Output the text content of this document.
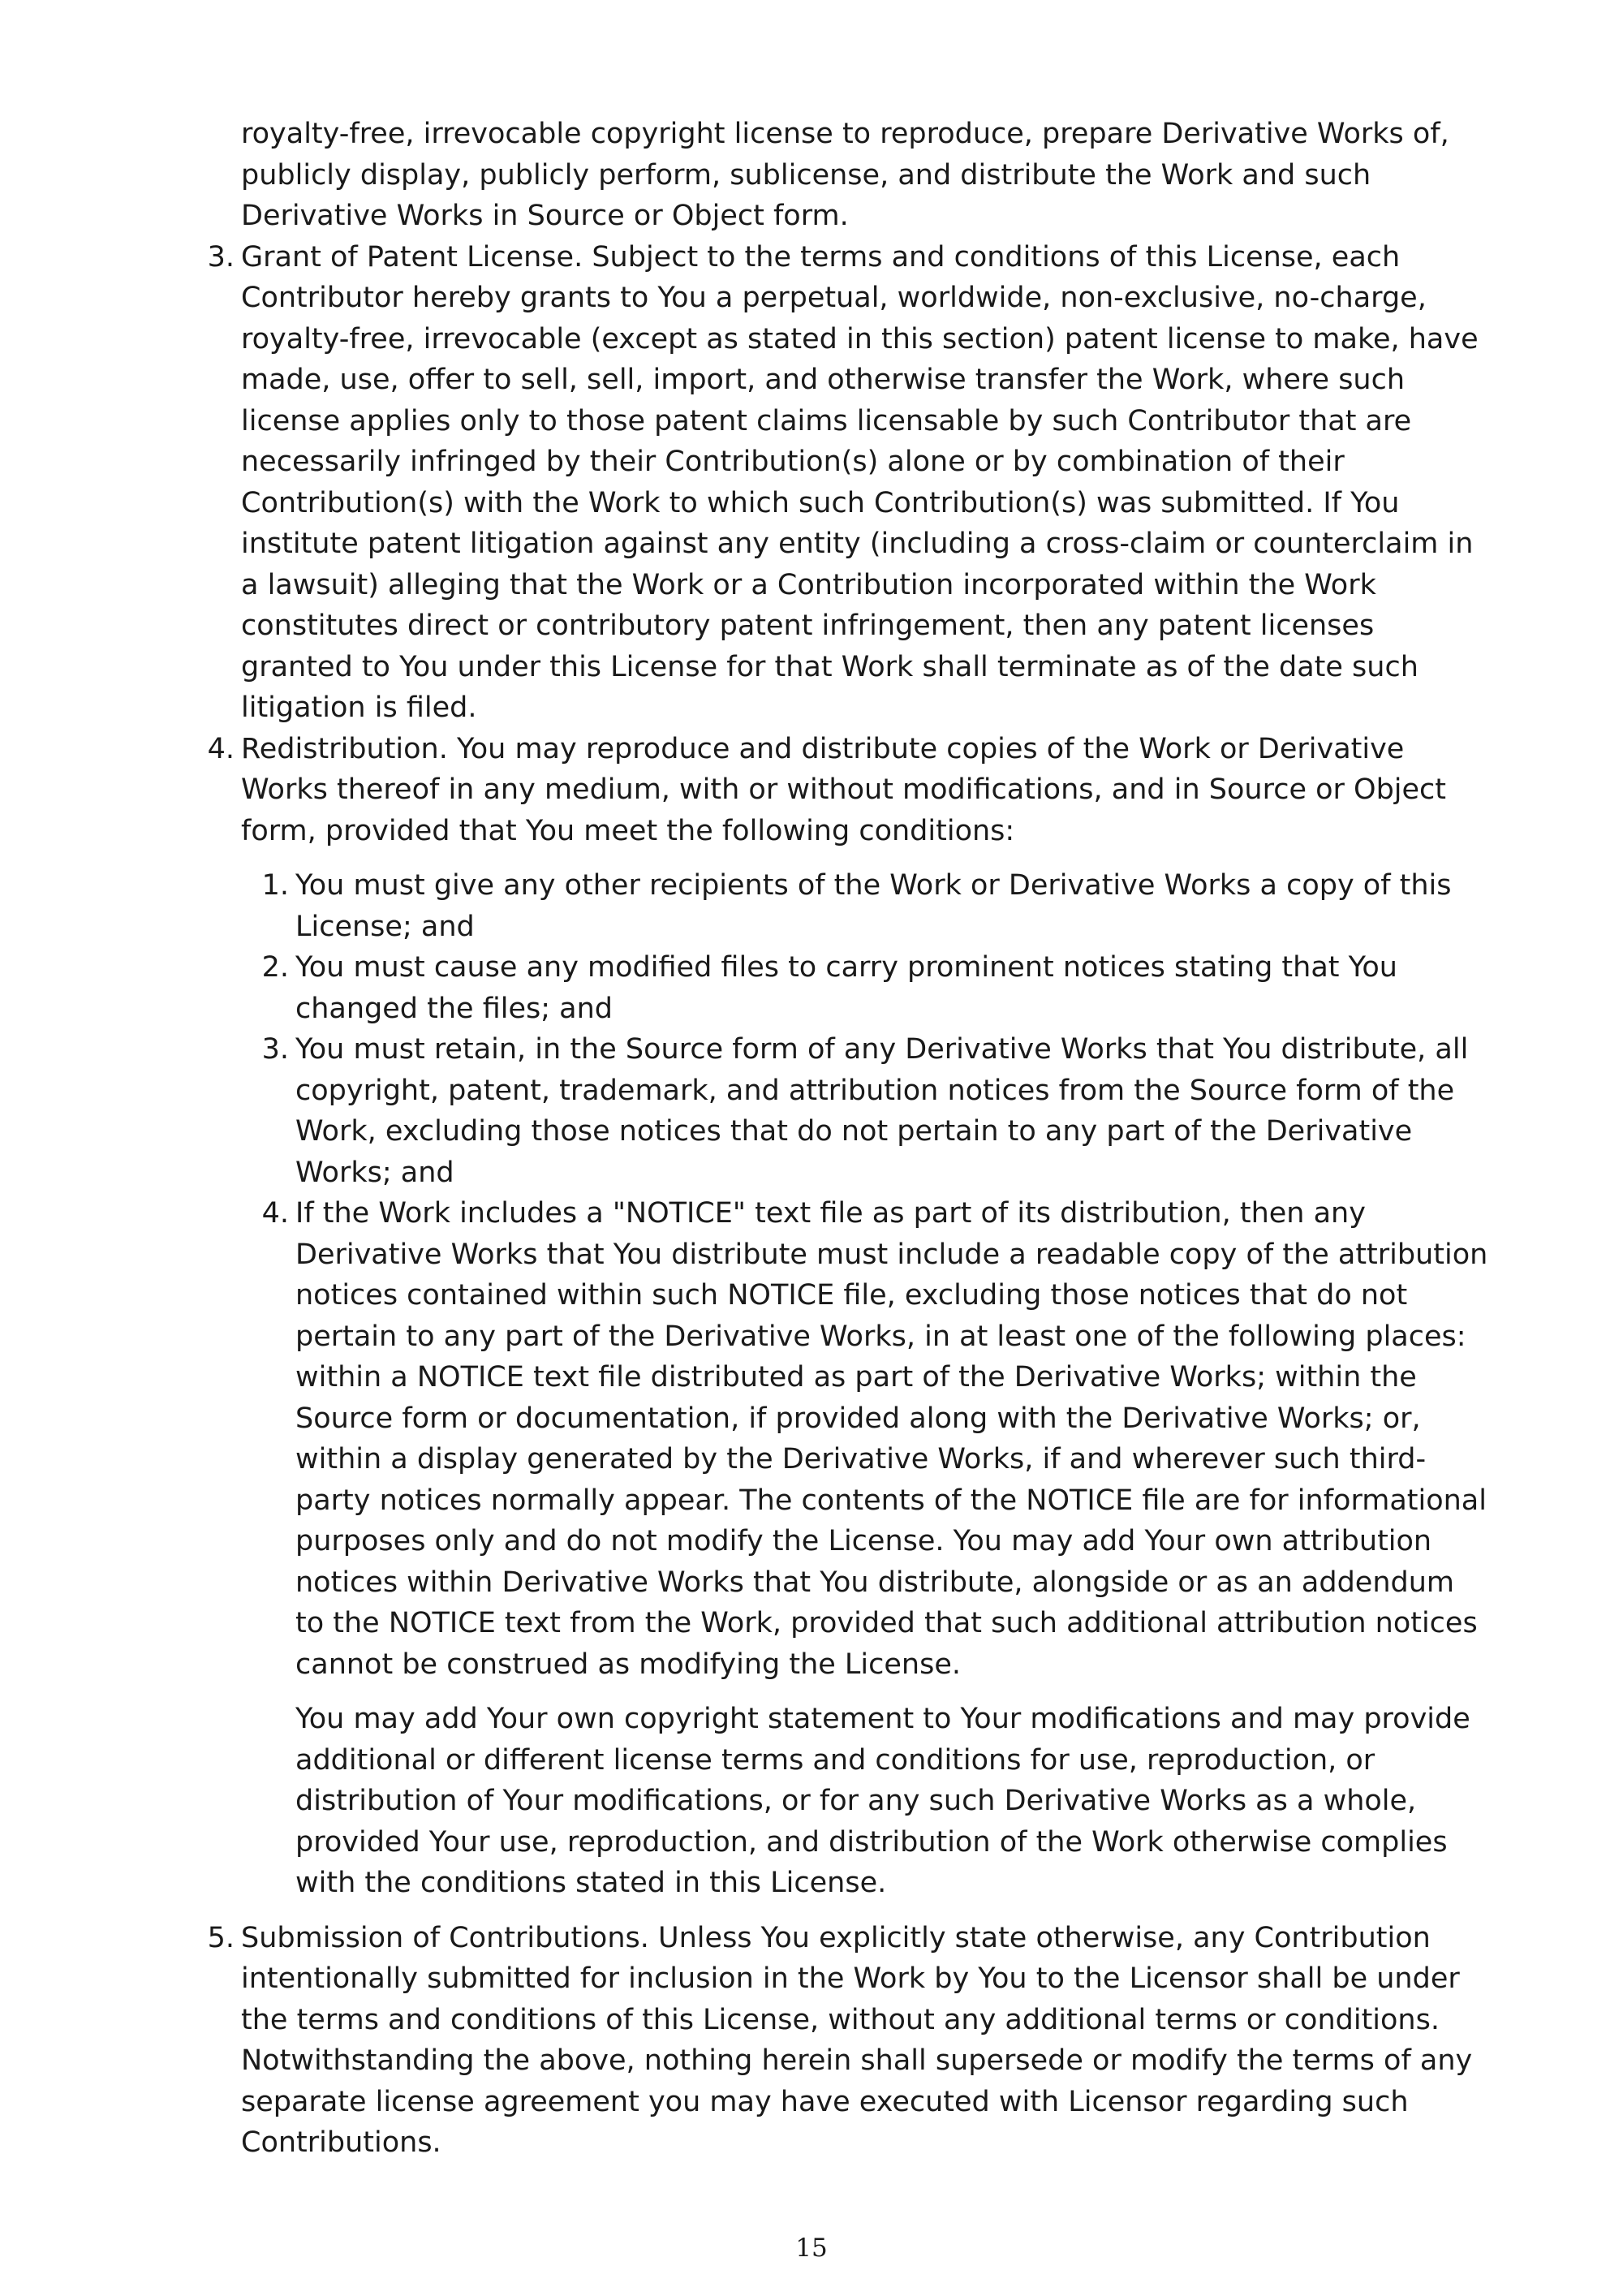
royalty-free, irrevocable copyright license to reproduce, prepare Derivative Works of, publicly display, publicly perform, sublicense, and distribute the Work and such Derivative Works in Source or Object form.

3. Grant of Patent License. Subject to the terms and conditions of this License, each Contributor hereby grants to You a perpetual, worldwide, non-exclusive, no-charge, royalty-free, irrevocable (except as stated in this section) patent license to make, have made, use, offer to sell, sell, import, and otherwise transfer the Work, where such license applies only to those patent claims licensable by such Contributor that are necessarily infringed by their Contribution(s) alone or by combination of their Contribution(s) with the Work to which such Contribution(s) was submitted. If You institute patent litigation against any entity (including a cross-claim or counterclaim in a lawsuit) alleging that the Work or a Contribution incorporated within the Work constitutes direct or contributory patent infringement, then any patent licenses granted to You under this License for that Work shall terminate as of the date such litigation is filed.

4. Redistribution. You may reproduce and distribute copies of the Work or Derivative Works thereof in any medium, with or without modifications, and in Source or Object form, provided that You meet the following conditions:

1. You must give any other recipients of the Work or Derivative Works a copy of this License; and

2. You must cause any modified files to carry prominent notices stating that You changed the files; and

3. You must retain, in the Source form of any Derivative Works that You distribute, all copyright, patent, trademark, and attribution notices from the Source form of the Work, excluding those notices that do not pertain to any part of the Derivative Works; and

4. If the Work includes a "NOTICE" text file as part of its distribution, then any Derivative Works that You distribute must include a readable copy of the attribution notices contained within such NOTICE file, excluding those notices that do not pertain to any part of the Derivative Works, in at least one of the following places: within a NOTICE text file distributed as part of the Derivative Works; within the Source form or documentation, if provided along with the Derivative Works; or, within a display generated by the Derivative Works, if and wherever such third-party notices normally appear. The contents of the NOTICE file are for informational purposes only and do not modify the License. You may add Your own attribution notices within Derivative Works that You distribute, alongside or as an addendum to the NOTICE text from the Work, provided that such additional attribution notices cannot be construed as modifying the License.

You may add Your own copyright statement to Your modifications and may provide additional or different license terms and conditions for use, reproduction, or distribution of Your modifications, or for any such Derivative Works as a whole, provided Your use, reproduction, and distribution of the Work otherwise complies with the conditions stated in this License.

5. Submission of Contributions. Unless You explicitly state otherwise, any Contribution intentionally submitted for inclusion in the Work by You to the Licensor shall be under the terms and conditions of this License, without any additional terms or conditions. Notwithstanding the above, nothing herein shall supersede or modify the terms of any separate license agreement you may have executed with Licensor regarding such Contributions.

15
